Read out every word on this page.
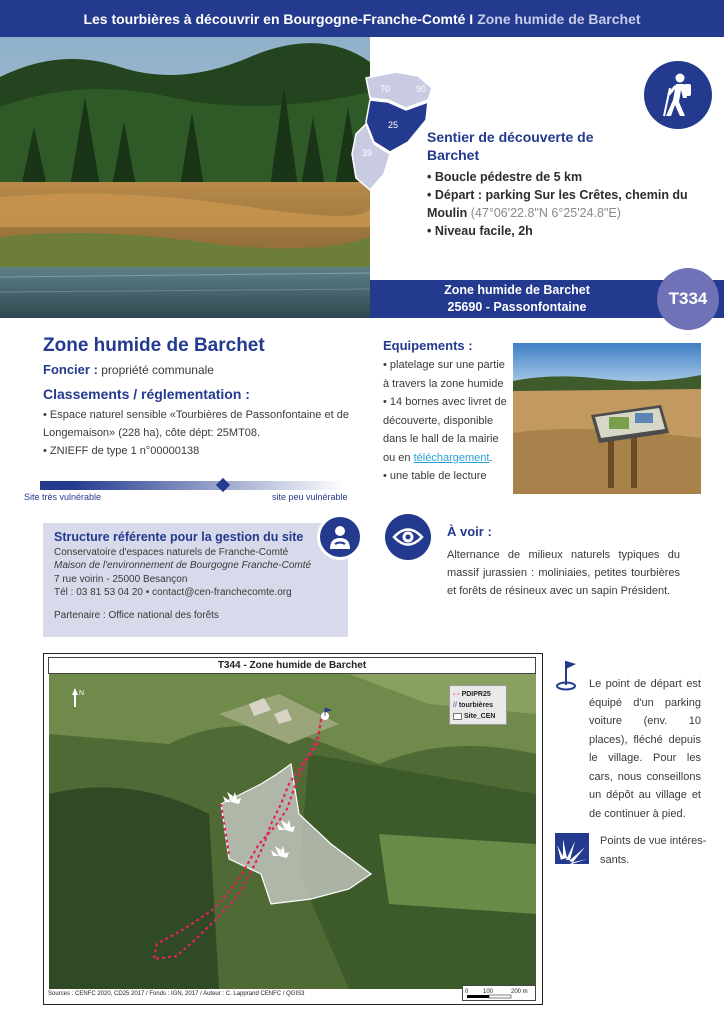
Les tourbières à découvrir en Bourgogne-Franche-Comté I Zone humide de Barchet
70	90
25
39
Sentier de découverte de
Barchet
• Boucle pédestre de 5 km
• Départ : parking Sur les Crêtes, chemin du Moulin (47°06'22.8"N 6°25'24.8"E)
• Niveau facile, 2h
Zone humide de Barchet
25690 - Passonfontaine	T334
Zone humide de Barchet
Foncier : propriété communale
Classements / réglementation :
• Espace naturel sensible «Tourbières de Passonfontaine et de Longemaison» (228 ha), côte dépt: 25MT08.
• ZNIEFF de type 1 n°00000138
Site très vulnérable	site peu vulnérable
Equipements :
• platelage sur une partie à travers la zone humide
• 14 bornes avec livret de découverte, disponible dans le hall de la mairie ou en téléchargement.
• une table de lecture
Structure référente pour la gestion du site
Conservatoire d'espaces naturels de Franche-Comté
Maison de l'environnement de Bourgogne Franche-Comté
7 rue voirin - 25000 Besançon
Tél : 03 81 53 04 20 • contact@cen-franchecomte.org
Partenaire : Office national des forêts
À voir :
Alternance de milieux naturels typiques du massif jurassien : moliniaies, petites tourbières et forêts de résineux avec un sapin Président.
T344 - Zone humide de Barchet
N	- - PDIPR25
// tourbières
Site_CEN
Sources : CENFC 2020, CD25 2017 / Fonds : IGN, 2017 / Auteur : C. Lapprand CENFC / QGIS3	0 100	200 m
Le point de départ est équipé d'un parking voiture (env. 10 places), fléché depuis le village. Pour les cars, nous conseillons un dépôt au village et de continuer à pied.
Points de vue intéres-sants.
